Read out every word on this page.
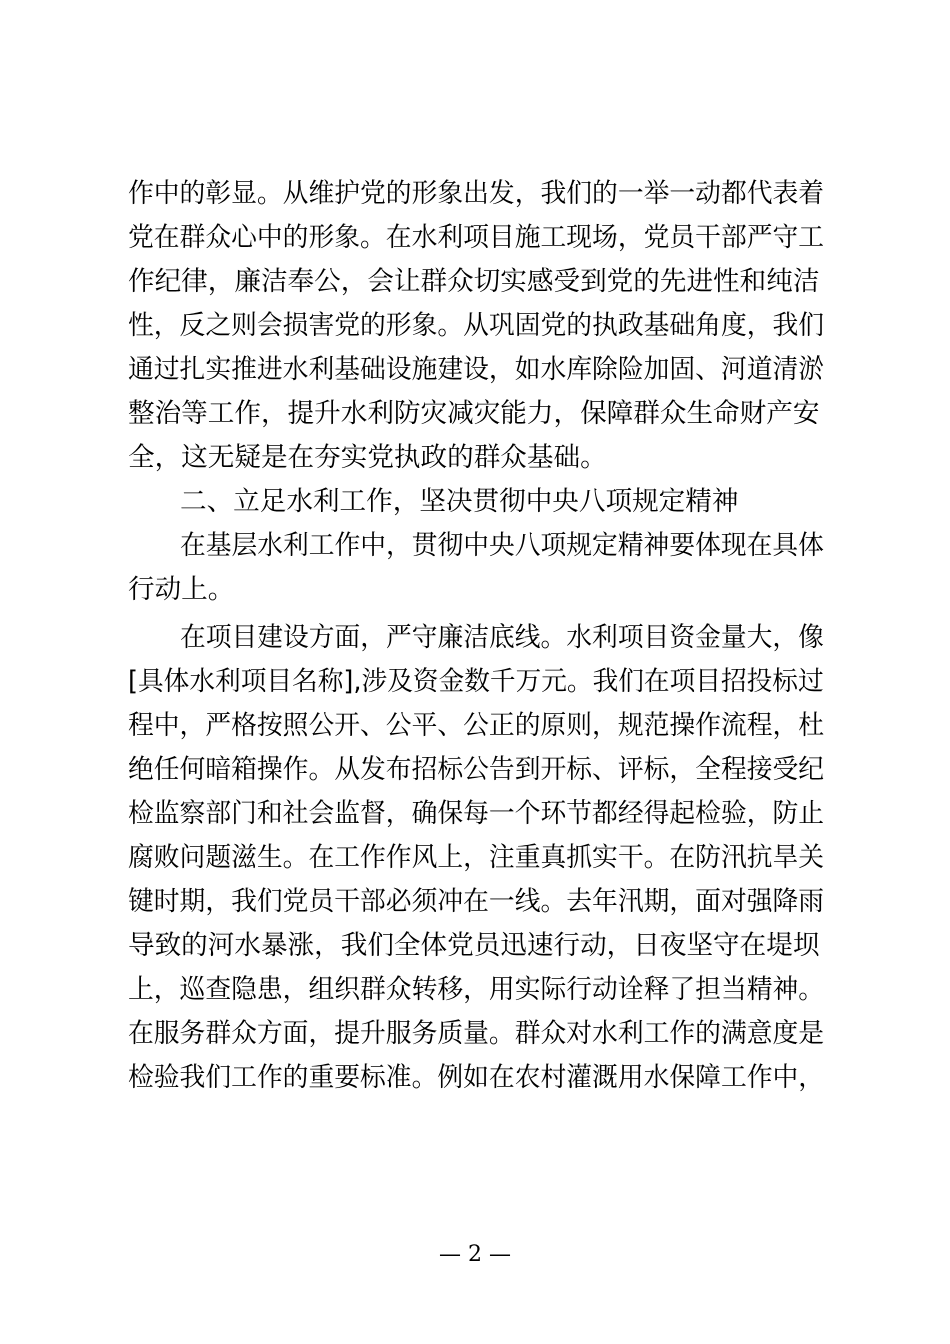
作中的彰显。从维护党的形象出发，我们的一举一动都代表着
党在群众心中的形象。在水利项目施工现场，党员干部严守工
作纪律，廉洁奉公，会让群众切实感受到党的先进性和纯洁
性，反之则会损害党的形象。从巩固党的执政基础角度，我们
通过扎实推进水利基础设施建设，如水库除险加固、河道清淤
整治等工作，提升水利防灾减灾能力，保障群众生命财产安
全，这无疑是在夯实党执政的群众基础。
二、立足水利工作，坚决贯彻中央八项规定精神
在基层水利工作中，贯彻中央八项规定精神要体现在具体
行动上。
在项目建设方面，严守廉洁底线。水利项目资金量大，像
[具体水利项目名称],涉及资金数千万元。我们在项目招投标过
程中，严格按照公开、公平、公正的原则，规范操作流程，杜
绝任何暗箱操作。从发布招标公告到开标、评标，全程接受纪
检监察部门和社会监督，确保每一个环节都经得起检验，防止
腐败问题滋生。在工作作风上，注重真抓实干。在防汛抗旱关
键时期，我们党员干部必须冲在一线。去年汛期，面对强降雨
导致的河水暴涨，我们全体党员迅速行动，日夜坚守在堤坝
上，巡查隐患，组织群众转移，用实际行动诠释了担当精神。
在服务群众方面，提升服务质量。群众对水利工作的满意度是
检验我们工作的重要标准。例如在农村灌溉用水保障工作中，
— 2 —
